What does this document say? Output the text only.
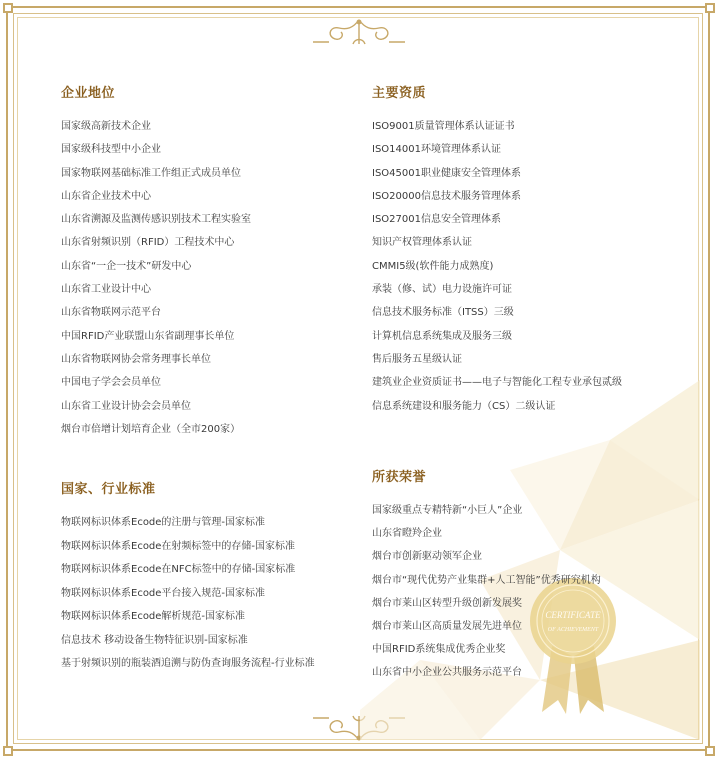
CERTIFICATE
OF ACHIEVEMENT
企业地位
国家级高新技术企业
国家级科技型中小企业
国家物联网基础标准工作组正式成员单位
山东省企业技术中心
山东省溯源及监测传感识别技术工程实验室
山东省射频识别（RFID）工程技术中心
山东省“一企一技术”研发中心
山东省工业设计中心
山东省物联网示范平台
中国RFID产业联盟山东省副理事长单位
山东省物联网协会常务理事长单位
中国电子学会会员单位
山东省工业设计协会会员单位
烟台市倍增计划培育企业（全市200家）
国家、行业标准
物联网标识体系Ecode的注册与管理-国家标准
物联网标识体系Ecode在射频标签中的存储-国家标准
物联网标识体系Ecode在NFC标签中的存储-国家标准
物联网标识体系Ecode平台接入规范-国家标准
物联网标识体系Ecode解析规范-国家标准
信息技术 移动设备生物特征识别-国家标准
基于射频识别的瓶装酒追溯与防伪查询服务流程-行业标准
主要资质
ISO9001质量管理体系认证证书
ISO14001环境管理体系认证
ISO45001职业健康安全管理体系
ISO20000信息技术服务管理体系
ISO27001信息安全管理体系
知识产权管理体系认证
CMMI5级(软件能力成熟度)
承装（修、试）电力设施许可证
信息技术服务标准（ITSS）三级
计算机信息系统集成及服务三级
售后服务五星级认证
建筑业企业资质证书——电子与智能化工程专业承包贰级
信息系统建设和服务能力（CS）二级认证
所获荣誉
国家级重点专精特新“小巨人”企业
山东省瞪羚企业
烟台市创新驱动领军企业
烟台市“现代优势产业集群+人工智能”优秀研究机构
烟台市莱山区转型升级创新发展奖
烟台市莱山区高质量发展先进单位
中国RFID系统集成优秀企业奖
山东省中小企业公共服务示范平台
